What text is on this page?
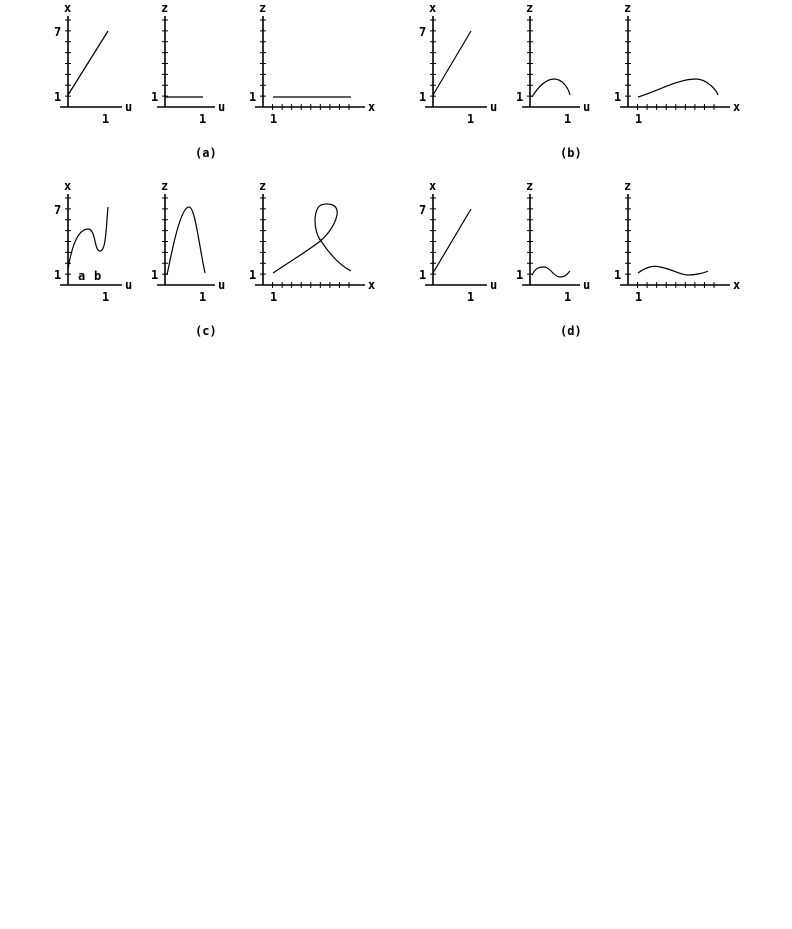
x
u
7
1
1
z
u
1
1
z
x
1
1
(a)
x
u
7
1
1
z
u
1
1
z
x
1
1
(b)
x
u
7
1
1
a b
z
u
1
1
z
x
1
1
(c)
x
u
7
1
1
z
u
1
1
z
x
1
1
(d)
